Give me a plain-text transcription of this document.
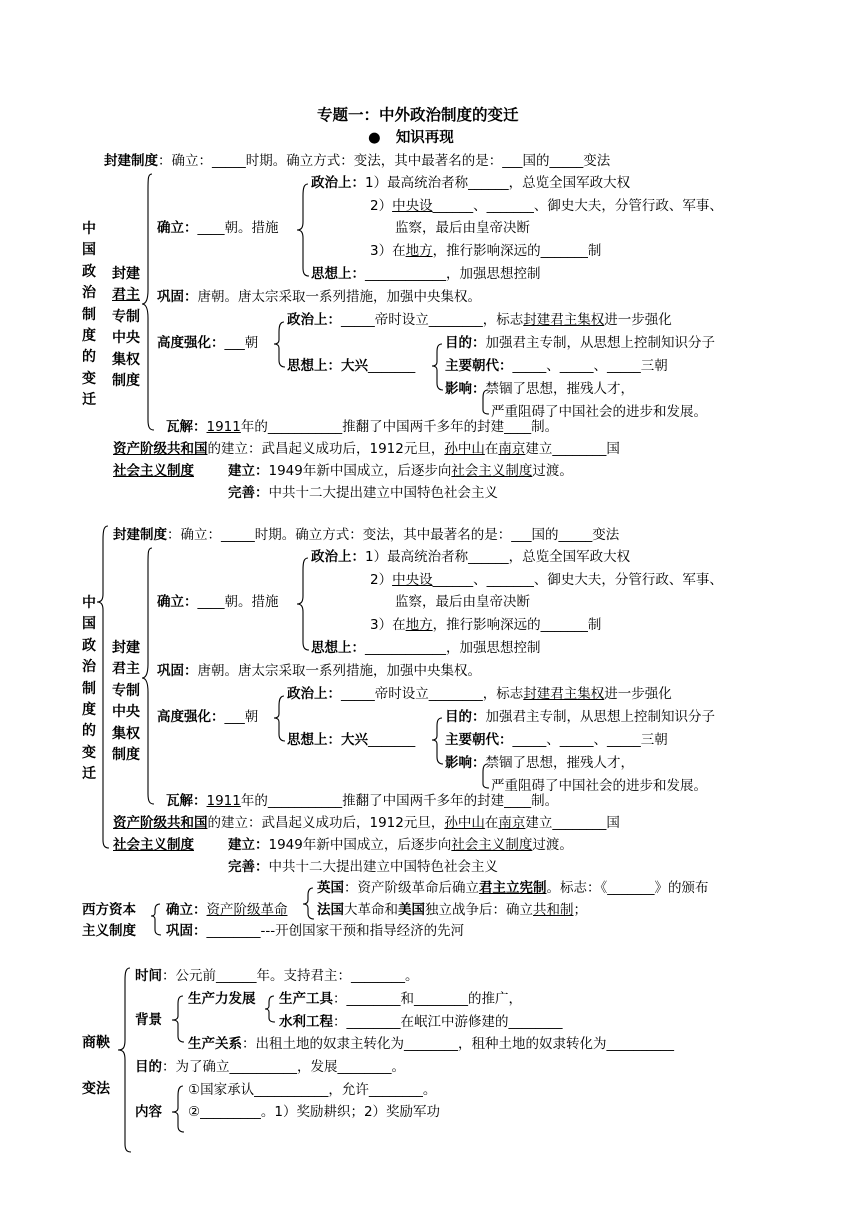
专题一：中外政治制度的变迁
● 知识再现
封建制度：确立：_____时期。确立方式：变法，其中最著名的是：___国的_____变法
中
国
政
治
制
度
的
变
迁
封建
君主
专制
中央
集权
制度
确立：____朝。措施
政治上：1）最高统治者称______，总览全国军政大权
2）中央设______、_______、御史大夫，分管行政、军事、
监察，最后由皇帝决断
3）在地方，推行影响深远的_______制
思想上：____________，加强思想控制
巩固：唐朝。唐太宗采取一系列措施，加强中央集权。
高度强化：___朝
政治上：_____帝时设立________，标志封建君主集权进一步强化
思想上：大兴_______
目的：加强君主专制，从思想上控制知识分子
主要朝代：_____、_____、_____三朝
影响：禁锢了思想，摧残人才，
严重阻碍了中国社会的进步和发展。
瓦解：1911年的___________推翻了中国两千多年的封建____制。
资产阶级共和国的建立：武昌起义成功后，1912元旦，孙中山在南京建立________国
社会主义制度	建立：1949年新中国成立，后逐步向社会主义制度过渡。
完善：中共十二大提出建立中国特色社会主义
封建制度：确立：_____时期。确立方式：变法，其中最著名的是：___国的_____变法
中
国
政
治
制
度
的
变
迁
封建
君主
专制
中央
集权
制度
确立：____朝。措施
政治上：1）最高统治者称______，总览全国军政大权
2）中央设______、_______、御史大夫，分管行政、军事、
监察，最后由皇帝决断
3）在地方，推行影响深远的_______制
思想上：____________，加强思想控制
巩固：唐朝。唐太宗采取一系列措施，加强中央集权。
高度强化：___朝
政治上：_____帝时设立________，标志封建君主集权进一步强化
思想上：大兴_______
目的：加强君主专制，从思想上控制知识分子
主要朝代：_____、_____、_____三朝
影响：禁锢了思想，摧残人才，
严重阻碍了中国社会的进步和发展。
瓦解：1911年的___________推翻了中国两千多年的封建____制。
资产阶级共和国的建立：武昌起义成功后，1912元旦，孙中山在南京建立________国
社会主义制度	建立：1949年新中国成立，后逐步向社会主义制度过渡。
完善：中共十二大提出建立中国特色社会主义
西方资本
主义制度
确立：资产阶级革命
巩固：________---开创国家干预和指导经济的先河
英国：资产阶级革命后确立君主立宪制。标志：《_______》的颁布
法国大革命和美国独立战争后：确立共和制；
商鞅
变法
时间：公元前______年。支持君主：________。
背景
生产力发展 生产工具：________和________的推广，
水利工程：________在岷江中游修建的________
生产关系：出租土地的奴隶主转化为________，租种土地的奴隶转化为__________
目的：为了确立__________，发展________。
内容
①国家承认___________，允许________。
②_________。1）奖励耕织；2）奖励军功
